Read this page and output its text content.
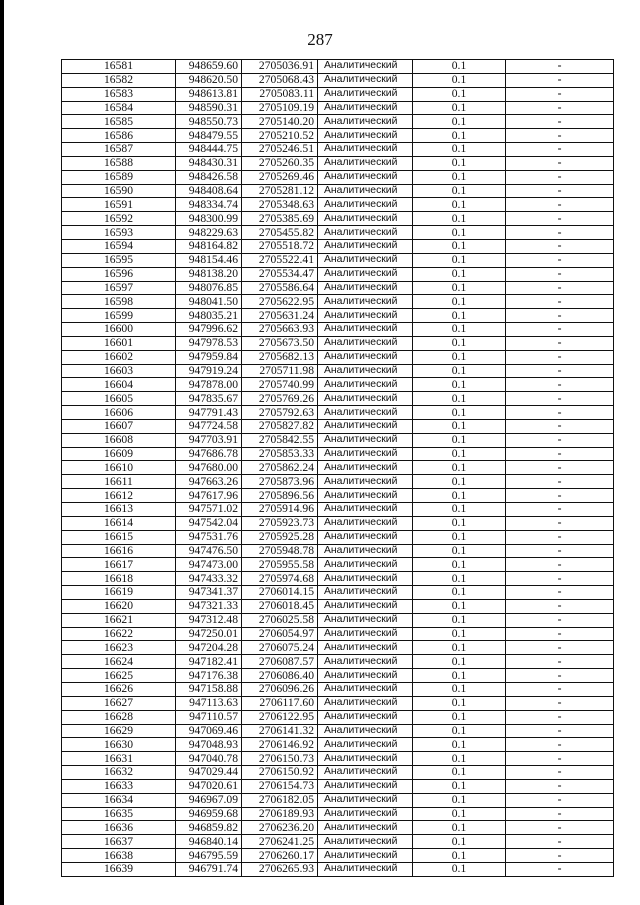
287
16581	948659.60	2705036.91	Аналитический	0.1	-
16582	948620.50	2705068.43	Аналитический	0.1	-
16583	948613.81	2705083.11	Аналитический	0.1	-
16584	948590.31	2705109.19	Аналитический	0.1	-
16585	948550.73	2705140.20	Аналитический	0.1	-
16586	948479.55	2705210.52	Аналитический	0.1	-
16587	948444.75	2705246.51	Аналитический	0.1	-
16588	948430.31	2705260.35	Аналитический	0.1	-
16589	948426.58	2705269.46	Аналитический	0.1	-
16590	948408.64	2705281.12	Аналитический	0.1	-
16591	948334.74	2705348.63	Аналитический	0.1	-
16592	948300.99	2705385.69	Аналитический	0.1	-
16593	948229.63	2705455.82	Аналитический	0.1	-
16594	948164.82	2705518.72	Аналитический	0.1	-
16595	948154.46	2705522.41	Аналитический	0.1	-
16596	948138.20	2705534.47	Аналитический	0.1	-
16597	948076.85	2705586.64	Аналитический	0.1	-
16598	948041.50	2705622.95	Аналитический	0.1	-
16599	948035.21	2705631.24	Аналитический	0.1	-
16600	947996.62	2705663.93	Аналитический	0.1	-
16601	947978.53	2705673.50	Аналитический	0.1	-
16602	947959.84	2705682.13	Аналитический	0.1	-
16603	947919.24	2705711.98	Аналитический	0.1	-
16604	947878.00	2705740.99	Аналитический	0.1	-
16605	947835.67	2705769.26	Аналитический	0.1	-
16606	947791.43	2705792.63	Аналитический	0.1	-
16607	947724.58	2705827.82	Аналитический	0.1	-
16608	947703.91	2705842.55	Аналитический	0.1	-
16609	947686.78	2705853.33	Аналитический	0.1	-
16610	947680.00	2705862.24	Аналитический	0.1	-
16611	947663.26	2705873.96	Аналитический	0.1	-
16612	947617.96	2705896.56	Аналитический	0.1	-
16613	947571.02	2705914.96	Аналитический	0.1	-
16614	947542.04	2705923.73	Аналитический	0.1	-
16615	947531.76	2705925.28	Аналитический	0.1	-
16616	947476.50	2705948.78	Аналитический	0.1	-
16617	947473.00	2705955.58	Аналитический	0.1	-
16618	947433.32	2705974.68	Аналитический	0.1	-
16619	947341.37	2706014.15	Аналитический	0.1	-
16620	947321.33	2706018.45	Аналитический	0.1	-
16621	947312.48	2706025.58	Аналитический	0.1	-
16622	947250.01	2706054.97	Аналитический	0.1	-
16623	947204.28	2706075.24	Аналитический	0.1	-
16624	947182.41	2706087.57	Аналитический	0.1	-
16625	947176.38	2706086.40	Аналитический	0.1	-
16626	947158.88	2706096.26	Аналитический	0.1	-
16627	947113.63	2706117.60	Аналитический	0.1	-
16628	947110.57	2706122.95	Аналитический	0.1	-
16629	947069.46	2706141.32	Аналитический	0.1	-
16630	947048.93	2706146.92	Аналитический	0.1	-
16631	947040.78	2706150.73	Аналитический	0.1	-
16632	947029.44	2706150.92	Аналитический	0.1	-
16633	947020.61	2706154.73	Аналитический	0.1	-
16634	946967.09	2706182.05	Аналитический	0.1	-
16635	946959.68	2706189.93	Аналитический	0.1	-
16636	946859.82	2706236.20	Аналитический	0.1	-
16637	946840.14	2706241.25	Аналитический	0.1	-
16638	946795.59	2706260.17	Аналитический	0.1	-
16639	946791.74	2706265.93	Аналитический	0.1	-
